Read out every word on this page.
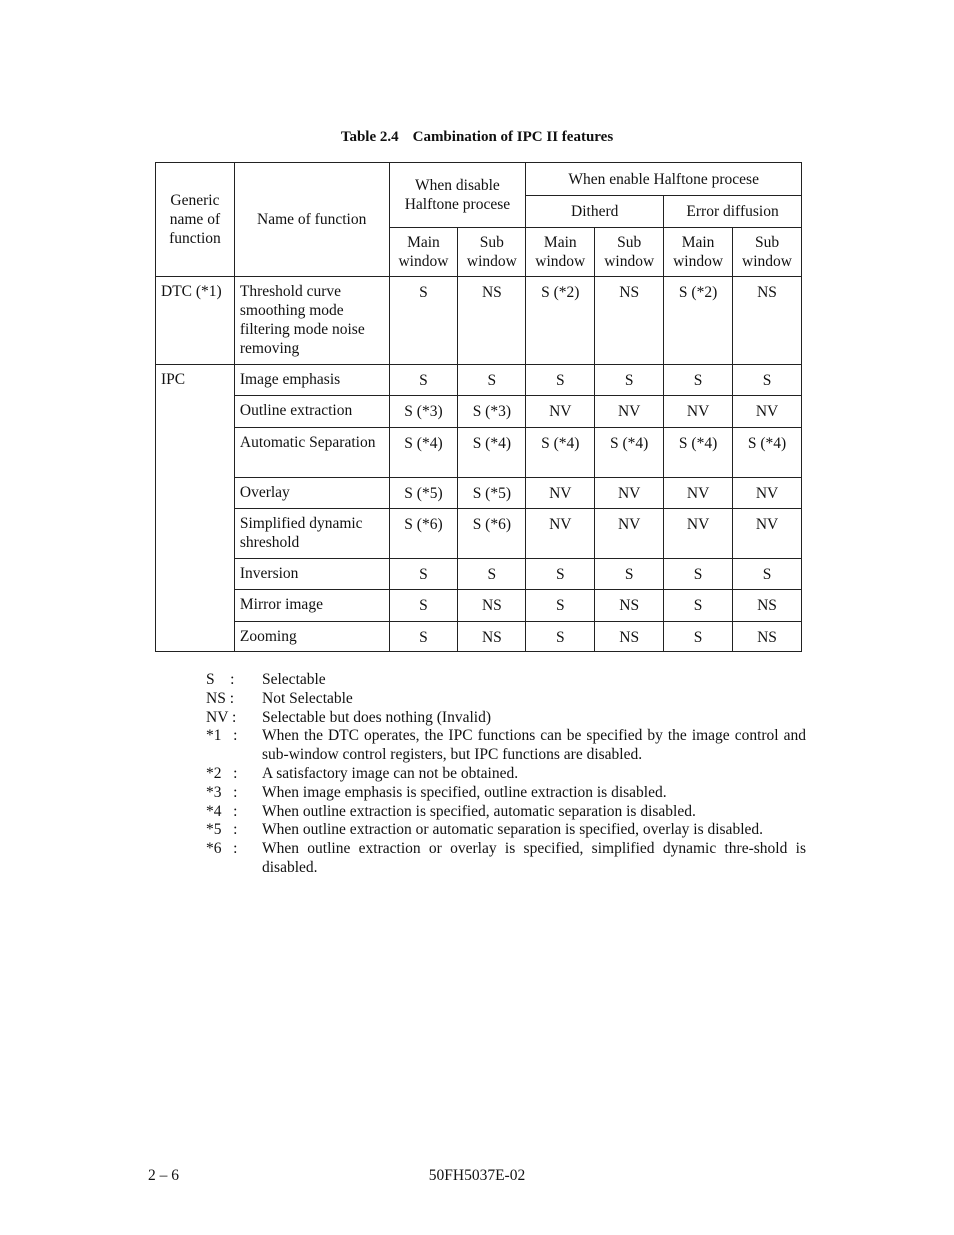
Table 2.4 Cambination of IPC II features
Generic name of function	Name of function	When disable Halftone procese		When enable Halftone procese			
				Ditherd		Error diffusion	
		Main window	Sub window	Main window	Sub window	Main window	Sub window
DTC (*1)	Threshold curve smoothing mode filtering mode noise removing	S	NS	S (*2)	NS	S (*2)	NS
IPC	Image emphasis	S	S	S	S	S	S
	Outline extraction	S (*3)	S (*3)	NV	NV	NV	NV
	Automatic Separation	S (*4)	S (*4)	S (*4)	S (*4)	S (*4)	S (*4)
	Overlay	S (*5)	S (*5)	NV	NV	NV	NV
	Simplified dynamic shreshold	S (*6)	S (*6)	NV	NV	NV	NV
	Inversion	S	S	S	S	S	S
	Mirror image	S	NS	S	NS	S	NS
	Zooming	S	NS	S	NS	S	NS
S    :	Selectable
NS :	Not Selectable
NV :	Selectable but does nothing (Invalid)
*1   :	When the DTC operates, the IPC functions can be specified by the image control and sub-window control registers, but IPC functions are disabled.
*2   :	A satisfactory image can not be obtained.
*3   :	When image emphasis is specified, outline extraction is disabled.
*4   :	When outline extraction is specified, automatic separation is disabled.
*5   :	When outline extraction or automatic separation is specified, overlay is disabled.
*6   :	When outline extraction or overlay is specified, simplified dynamic thre-shold is disabled.
2 – 6	50FH5037E-02
